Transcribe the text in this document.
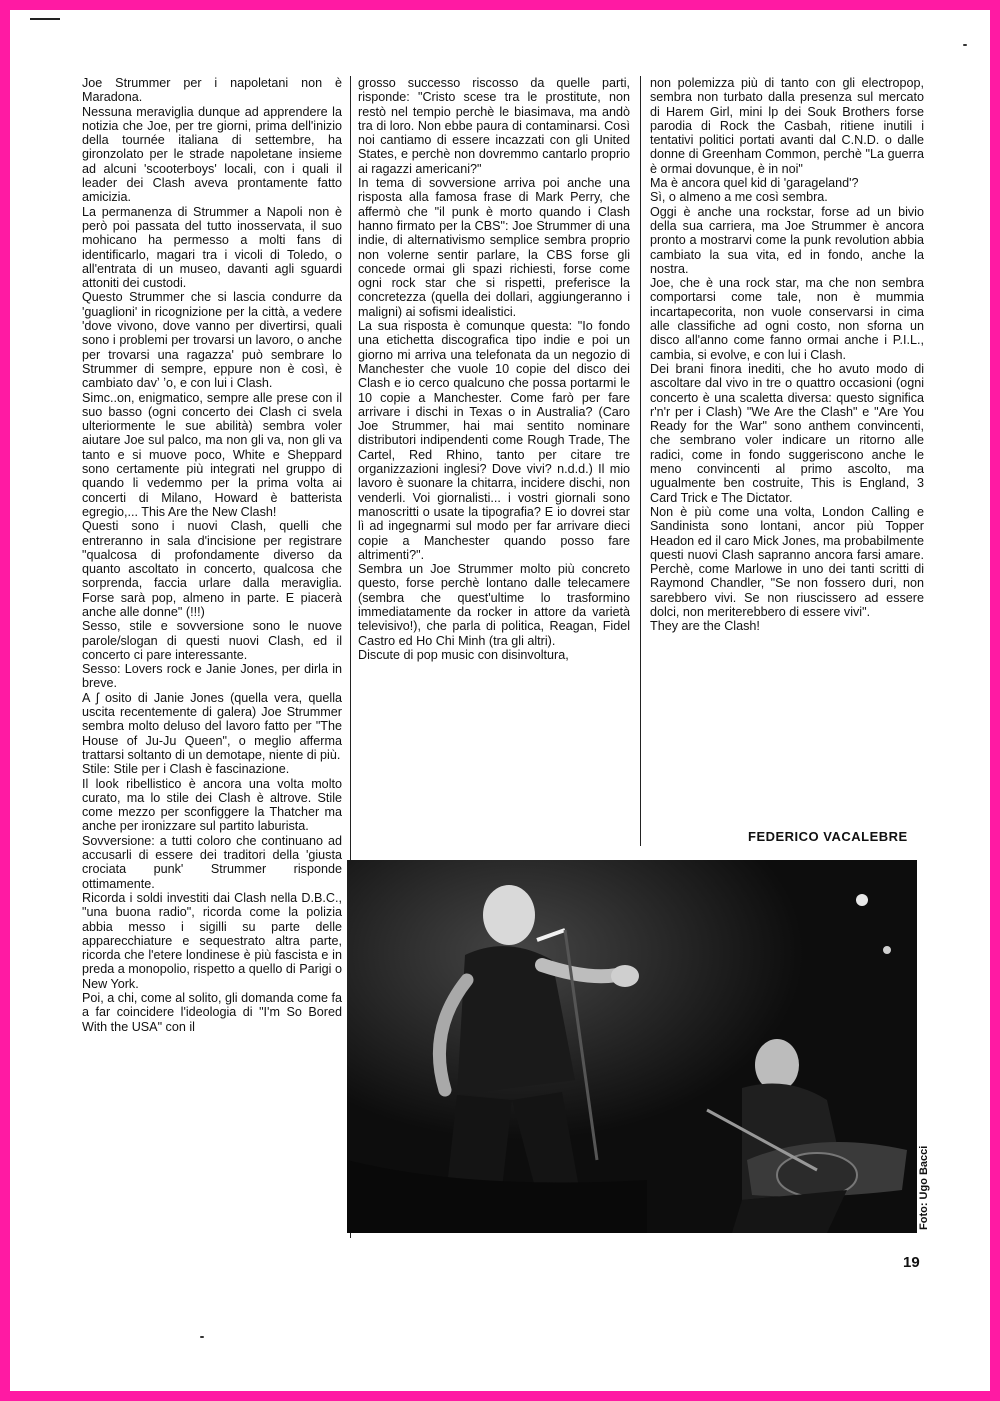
Joe Strummer per i napoletani non è Maradona.

Nessuna meraviglia dunque ad apprendere la notizia che Joe, per tre giorni, prima dell'inizio della tournée italiana di settembre, ha gironzolato per le strade napoletane insieme ad alcuni 'scooterboys' locali, con i quali il leader dei Clash aveva prontamente fatto amicizia.

La permanenza di Strummer a Napoli non è però poi passata del tutto inosservata, il suo mohicano ha permesso a molti fans di identificarlo, magari tra i vicoli di Toledo, o all'entrata di un museo, davanti agli sguardi attoniti dei custodi.

Questo Strummer che si lascia condurre da 'guaglioni' in ricognizione per la città, a vedere 'dove vivono, dove vanno per divertirsi, quali sono i problemi per trovarsi un lavoro, o anche per trovarsi una ragazza' può sembrare lo Strummer di sempre, eppure non è così, è cambiato davʼ ʼo, e con lui i Clash.

Simc..on, enigmatico, sempre alle prese con il suo basso (ogni concerto dei Clash ci svela ulteriormente le sue abilità) sembra voler aiutare Joe sul palco, ma non gli va, non gli va tanto e si muove poco, White e Sheppard sono certamente più integrati nel gruppo di quando li vedemmo per la prima volta ai concerti di Milano, Howard è batterista egregio,... This Are the New Clash!

Questi sono i nuovi Clash, quelli che entreranno in sala d'incisione per registrare "qualcosa di profondamente diverso da quanto ascoltato in concerto, qualcosa che sorprenda, faccia urlare dalla meraviglia. Forse sarà pop, almeno in parte. E piacerà anche alle donne" (!!!)

Sesso, stile e sovversione sono le nuove parole/slogan di questi nuovi Clash, ed il concerto ci pare interessante.

Sesso: Lovers rock e Janie Jones, per dirla in breve.

A ʃ osito di Janie Jones (quella vera, quella uscita recentemente di galera) Joe Strummer sembra molto deluso del lavoro fatto per "The House of Ju-Ju Queen", o meglio afferma trattarsi soltanto di un demotape, niente di più.

Stile: Stile per i Clash è fascinazione.

Il look ribellistico è ancora una volta molto curato, ma lo stile dei Clash è altrove. Stile come mezzo per sconfiggere la Thatcher ma anche per ironizzare sul partito laburista.

Sovversione: a tutti coloro che continuano ad accusarli di essere dei traditori della 'giusta crociata punk' Strummer risponde ottimamente.

Ricorda i soldi investiti dai Clash nella D.B.C., "una buona radio", ricorda come la polizia abbia messo i sigilli su parte delle apparecchiature e sequestrato altra parte, ricorda che l'etere londinese è più fascista e in preda a monopolio, rispetto a quello di Parigi o New York.

Poi, a chi, come al solito, gli domanda come fa a far coincidere l'ideologia di "I'm So Bored With the USA" con il

grosso successo riscosso da quelle parti, risponde: "Cristo scese tra le prostitute, non restò nel tempio perchè le biasimava, ma andò tra di loro. Non ebbe paura di contaminarsi. Così noi cantiamo di essere incazzati con gli United States, e perchè non dovremmo cantarlo proprio ai ragazzi americani?"

In tema di sovversione arriva poi anche una risposta alla famosa frase di Mark Perry, che affermò che "il punk è morto quando i Clash hanno firmato per la CBS": Joe Strummer di una indie, di alternativismo semplice sembra proprio non volerne sentir parlare, la CBS forse gli concede ormai gli spazi richiesti, forse come ogni rock star che si rispetti, preferisce la concretezza (quella dei dollari, aggiungeranno i maligni) ai sofismi idealistici.

La sua risposta è comunque questa: "Io fondo una etichetta discografica tipo indie e poi un giorno mi arriva una telefonata da un negozio di Manchester che vuole 10 copie del disco dei Clash e io cerco qualcuno che possa portarmi le 10 copie a Manchester. Come farò per fare arrivare i dischi in Texas o in Australia? (Caro Joe Strummer, hai mai sentito nominare distributori indipendenti come Rough Trade, The Cartel, Red Rhino, tanto per citare tre organizzazioni inglesi? Dove vivi? n.d.d.) Il mio lavoro è suonare la chitarra, incidere dischi, non venderli. Voi giornalisti... i vostri giornali sono manoscritti o usate la tipografia? E io dovrei star lì ad ingegnarmi sul modo per far arrivare dieci copie a Manchester quando posso fare altrimenti?".

Sembra un Joe Strummer molto più concreto questo, forse perchè lontano dalle telecamere (sembra che quest'ultime lo trasformino immediatamente da rocker in attore da varietà televisivo!), che parla di politica, Reagan, Fidel Castro ed Ho Chi Minh (tra gli altri).

Discute di pop music con disinvoltura,

non polemizza più di tanto con gli electropop, sembra non turbato dalla presenza sul mercato di Harem Girl, mini lp dei Souk Brothers forse parodia di Rock the Casbah, ritiene inutili i tentativi politici portati avanti dal C.N.D. o dalle donne di Greenham Common, perchè "La guerra è ormai dovunque, è in noi"

Ma è ancora quel kid di 'garageland'?

Sì, o almeno a me così sembra.

Oggi è anche una rockstar, forse ad un bivio della sua carriera, ma Joe Strummer è ancora pronto a mostrarvi come la punk revolution abbia cambiato la sua vita, ed in fondo, anche la nostra.

Joe, che è una rock star, ma che non sembra comportarsi come tale, non è mummia incartapecorita, non vuole conservarsi in cima alle classifiche ad ogni costo, non sforna un disco all'anno come fanno ormai anche i P.I.L., cambia, si evolve, e con lui i Clash.

Dei brani finora inediti, che ho avuto modo di ascoltare dal vivo in tre o quattro occasioni (ogni concerto è una scaletta diversa: questo significa r'n'r per i Clash) "We Are the Clash" e "Are You Ready for the War" sono anthem convincenti, che sembrano voler indicare un ritorno alle radici, come in fondo suggeriscono anche le meno convincenti al primo ascolto, ma ugualmente ben costruite, This is England, 3 Card Trick e The Dictator.

Non è più come una volta, London Calling e Sandinista sono lontani, ancor più Topper Headon ed il caro Mick Jones, ma probabilmente questi nuovi Clash sapranno ancora farsi amare. Perchè, come Marlowe in uno dei tanti scritti di Raymond Chandler, "Se non fossero duri, non sarebbero vivi. Se non riuscissero ad essere dolci, non meriterebbero di essere vivi".

They are the Clash!

FEDERICO VACALEBRE
Foto: Ugo Bacci
19
